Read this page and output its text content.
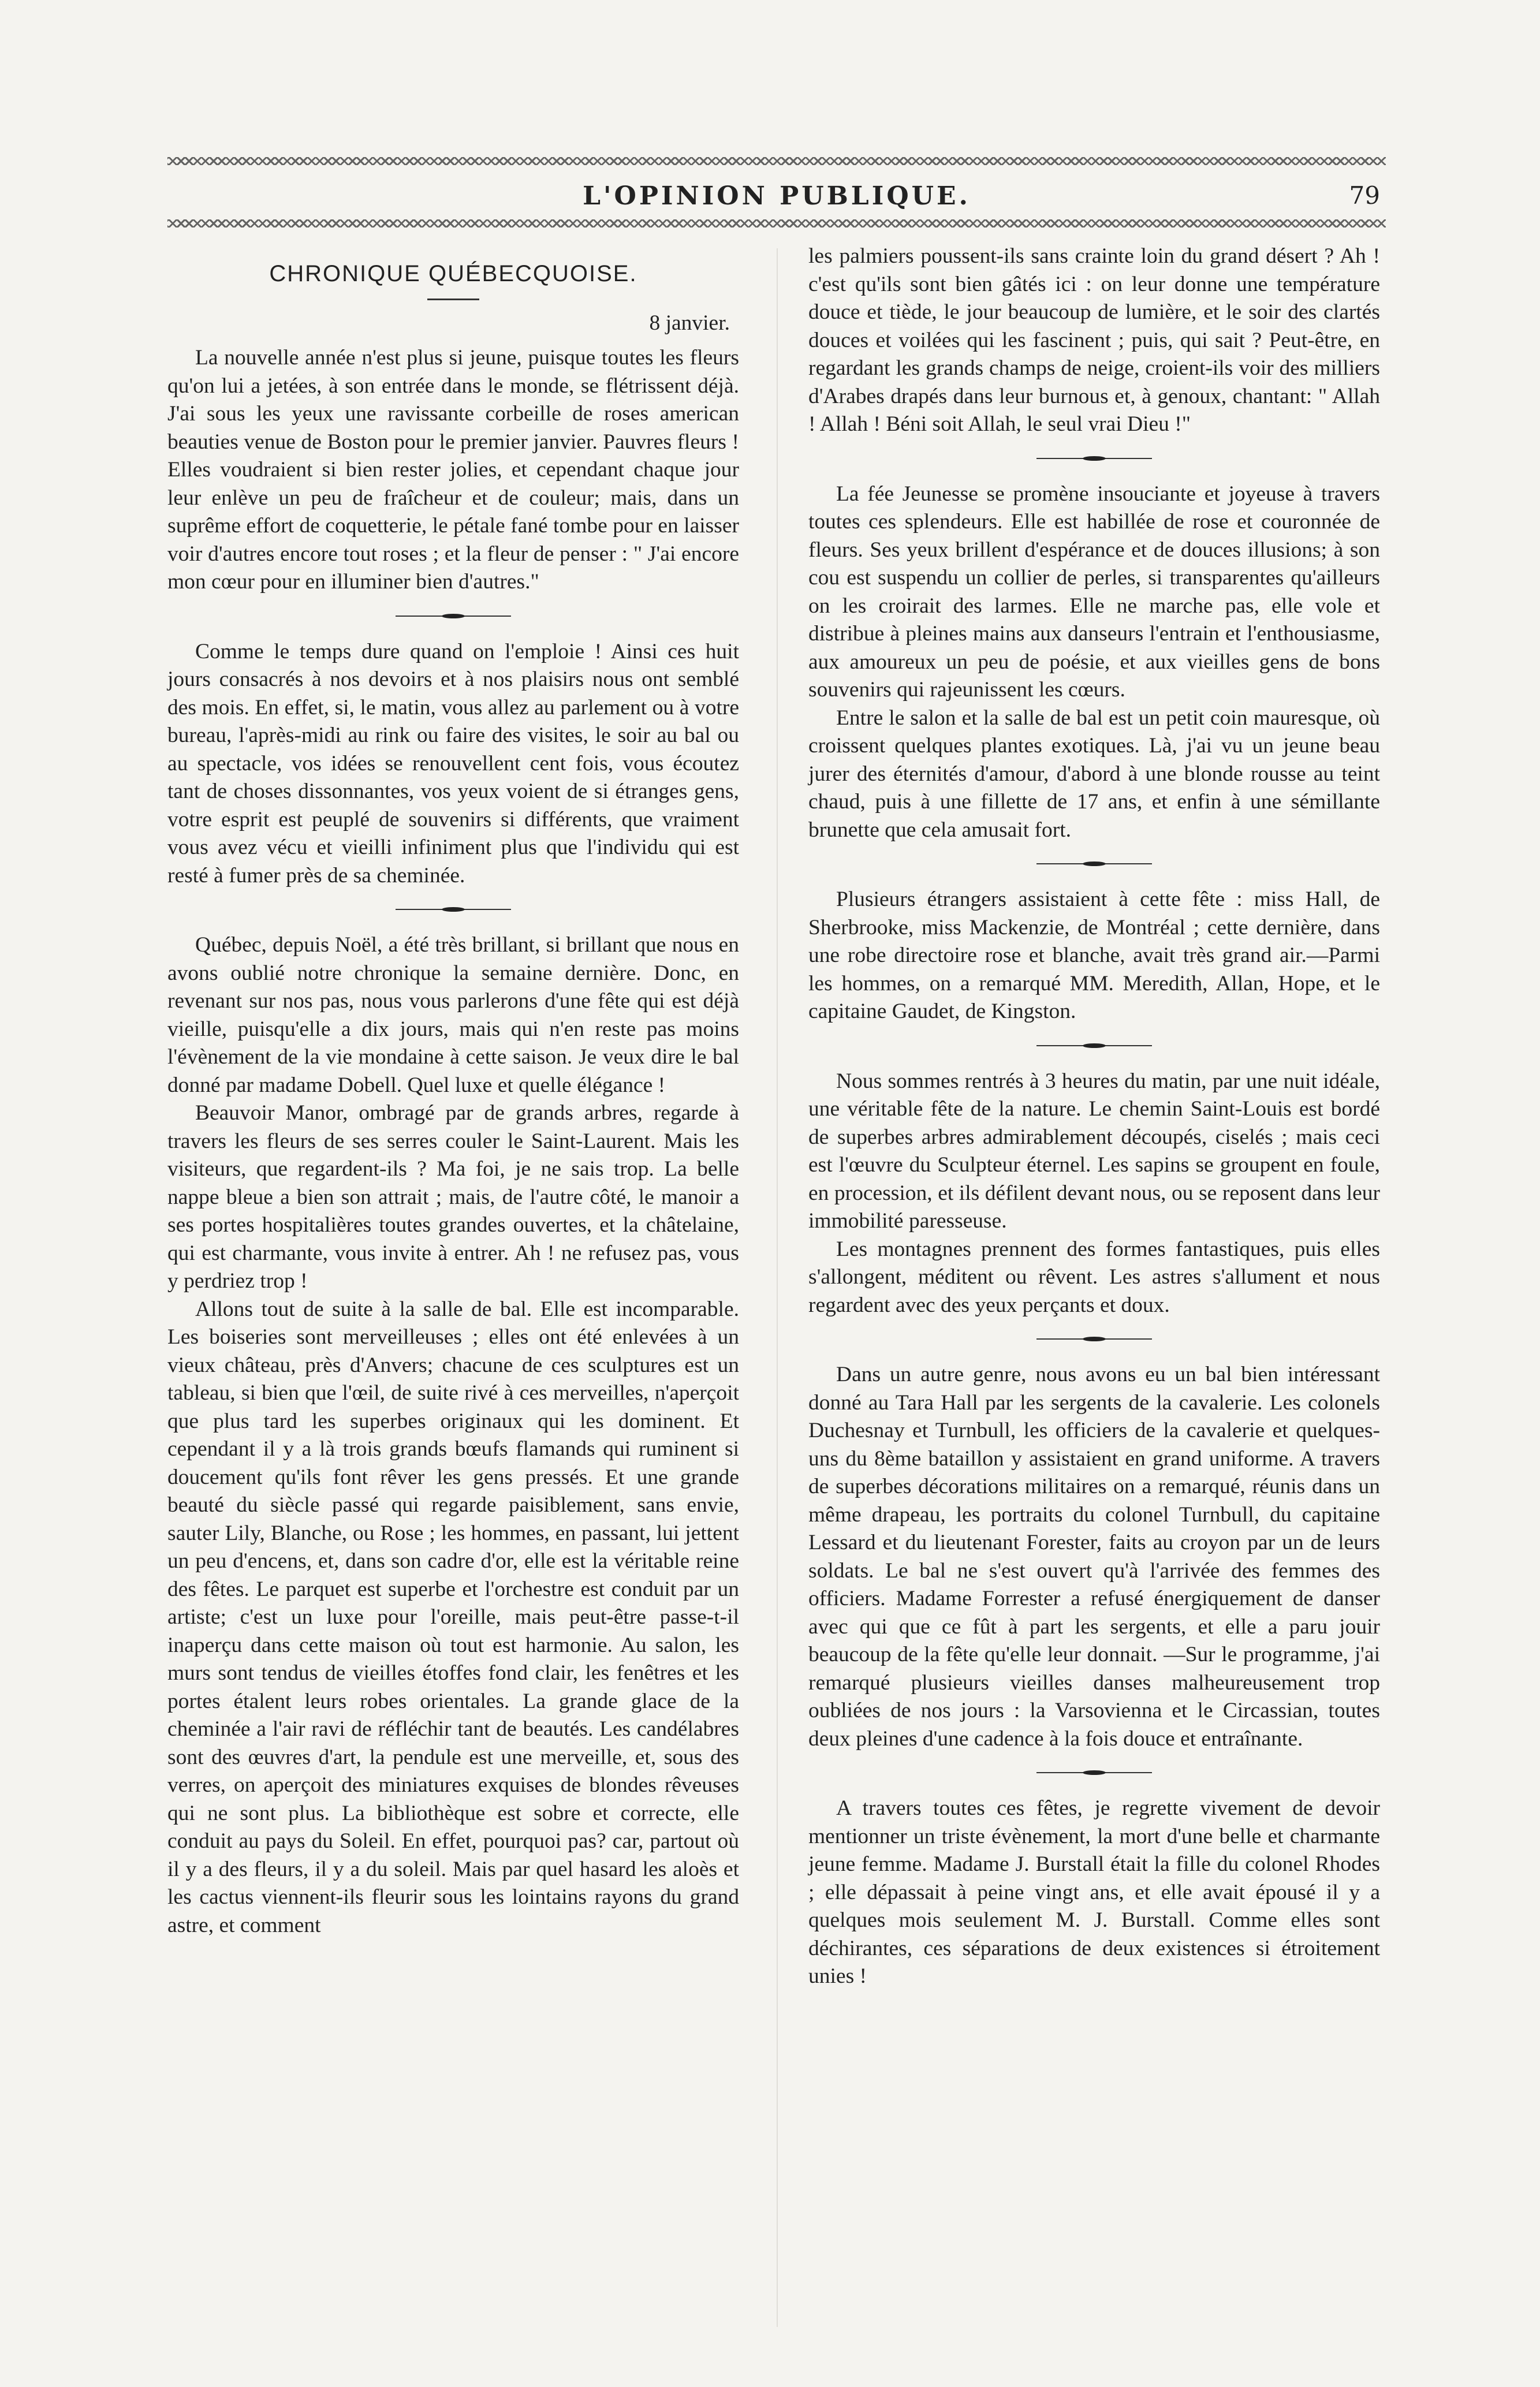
L'OPINION PUBLIQUE.	79
CHRONIQUE QUÉBECQUOISE.
8 janvier.

La nouvelle année n'est plus si jeune, puisque toutes les fleurs qu'on lui a jetées, à son entrée dans le monde, se flétrissent déjà. J'ai sous les yeux une ravissante corbeille de roses american beauties venue de Boston pour le premier janvier. Pauvres fleurs ! Elles voudraient si bien rester jolies, et cependant chaque jour leur enlève un peu de fraîcheur et de couleur; mais, dans un suprême effort de coquetterie, le pétale fané tombe pour en laisser voir d'autres encore tout roses ; et la fleur de penser : " J'ai encore mon cœur pour en illuminer bien d'autres."

Comme le temps dure quand on l'emploie ! Ainsi ces huit jours consacrés à nos devoirs et à nos plaisirs nous ont semblé des mois. En effet, si, le matin, vous allez au parlement ou à votre bureau, l'après-midi au rink ou faire des visites, le soir au bal ou au spectacle, vos idées se renouvellent cent fois, vous écoutez tant de choses dissonnantes, vos yeux voient de si étranges gens, votre esprit est peuplé de souvenirs si différents, que vraiment vous avez vécu et vieilli infiniment plus que l'individu qui est resté à fumer près de sa cheminée.

Québec, depuis Noël, a été très brillant, si brillant que nous en avons oublié notre chronique la semaine dernière. Donc, en revenant sur nos pas, nous vous parlerons d'une fête qui est déjà vieille, puisqu'elle a dix jours, mais qui n'en reste pas moins l'évènement de la vie mondaine à cette saison. Je veux dire le bal donné par madame Dobell. Quel luxe et quelle élégance !

Beauvoir Manor, ombragé par de grands arbres, regarde à travers les fleurs de ses serres couler le Saint-Laurent. Mais les visiteurs, que regardent-ils ? Ma foi, je ne sais trop. La belle nappe bleue a bien son attrait ; mais, de l'autre côté, le manoir a ses portes hospitalières toutes grandes ouvertes, et la châtelaine, qui est charmante, vous invite à entrer. Ah ! ne refusez pas, vous y perdriez trop !

Allons tout de suite à la salle de bal. Elle est incomparable. Les boiseries sont merveilleuses ; elles ont été enlevées à un vieux château, près d'Anvers; chacune de ces sculptures est un tableau, si bien que l'œil, de suite rivé à ces merveilles, n'aperçoit que plus tard les superbes originaux qui les dominent. Et cependant il y a là trois grands bœufs flamands qui ruminent si doucement qu'ils font rêver les gens pressés. Et une grande beauté du siècle passé qui regarde paisiblement, sans envie, sauter Lily, Blanche, ou Rose ; les hommes, en passant, lui jettent un peu d'encens, et, dans son cadre d'or, elle est la véritable reine des fêtes. Le parquet est superbe et l'orchestre est conduit par un artiste; c'est un luxe pour l'oreille, mais peut-être passe-t-il inaperçu dans cette maison où tout est harmonie. Au salon, les murs sont tendus de vieilles étoffes fond clair, les fenêtres et les portes étalent leurs robes orientales. La grande glace de la cheminée a l'air ravi de réfléchir tant de beautés. Les candélabres sont des œuvres d'art, la pendule est une merveille, et, sous des verres, on aperçoit des miniatures exquises de blondes rêveuses qui ne sont plus. La bibliothèque est sobre et correcte, elle conduit au pays du Soleil. En effet, pourquoi pas? car, partout où il y a des fleurs, il y a du soleil. Mais par quel hasard les aloès et les cactus viennent-ils fleurir sous les lointains rayons du grand astre, et comment

les palmiers poussent-ils sans crainte loin du grand désert ? Ah ! c'est qu'ils sont bien gâtés ici : on leur donne une température douce et tiède, le jour beaucoup de lumière, et le soir des clartés douces et voilées qui les fascinent ; puis, qui sait ? Peut-être, en regardant les grands champs de neige, croient-ils voir des milliers d'Arabes drapés dans leur burnous et, à genoux, chantant: " Allah ! Allah ! Béni soit Allah, le seul vrai Dieu !"

La fée Jeunesse se promène insouciante et joyeuse à travers toutes ces splendeurs. Elle est habillée de rose et couronnée de fleurs. Ses yeux brillent d'espérance et de douces illusions; à son cou est suspendu un collier de perles, si transparentes qu'ailleurs on les croirait des larmes. Elle ne marche pas, elle vole et distribue à pleines mains aux danseurs l'entrain et l'enthousiasme, aux amoureux un peu de poésie, et aux vieilles gens de bons souvenirs qui rajeunissent les cœurs.

Entre le salon et la salle de bal est un petit coin mauresque, où croissent quelques plantes exotiques. Là, j'ai vu un jeune beau jurer des éternités d'amour, d'abord à une blonde rousse au teint chaud, puis à une fillette de 17 ans, et enfin à une sémillante brunette que cela amusait fort.

Plusieurs étrangers assistaient à cette fête : miss Hall, de Sherbrooke, miss Mackenzie, de Montréal ; cette dernière, dans une robe directoire rose et blanche, avait très grand air.—Parmi les hommes, on a remarqué MM. Meredith, Allan, Hope, et le capitaine Gaudet, de Kingston.

Nous sommes rentrés à 3 heures du matin, par une nuit idéale, une véritable fête de la nature. Le chemin Saint-Louis est bordé de superbes arbres admirablement découpés, ciselés ; mais ceci est l'œuvre du Sculpteur éternel. Les sapins se groupent en foule, en procession, et ils défilent devant nous, ou se reposent dans leur immobilité paresseuse.

Les montagnes prennent des formes fantastiques, puis elles s'allongent, méditent ou rêvent. Les astres s'allument et nous regardent avec des yeux perçants et doux.

Dans un autre genre, nous avons eu un bal bien intéressant donné au Tara Hall par les sergents de la cavalerie. Les colonels Duchesnay et Turnbull, les officiers de la cavalerie et quelques-uns du 8ème bataillon y assistaient en grand uniforme. A travers de superbes décorations militaires on a remarqué, réunis dans un même drapeau, les portraits du colonel Turnbull, du capitaine Lessard et du lieutenant Forester, faits au croyon par un de leurs soldats. Le bal ne s'est ouvert qu'à l'arrivée des femmes des officiers. Madame Forrester a refusé énergiquement de danser avec qui que ce fût à part les sergents, et elle a paru jouir beaucoup de la fête qu'elle leur donnait. —Sur le programme, j'ai remarqué plusieurs vieilles danses malheureusement trop oubliées de nos jours : la Varsovienna et le Circassian, toutes deux pleines d'une cadence à la fois douce et entraînante.

A travers toutes ces fêtes, je regrette vivement de devoir mentionner un triste évènement, la mort d'une belle et charmante jeune femme. Madame J. Burstall était la fille du colonel Rhodes ; elle dépassait à peine vingt ans, et elle avait épousé il y a quelques mois seulement M. J. Burstall. Comme elles sont déchirantes, ces séparations de deux existences si étroitement unies !
